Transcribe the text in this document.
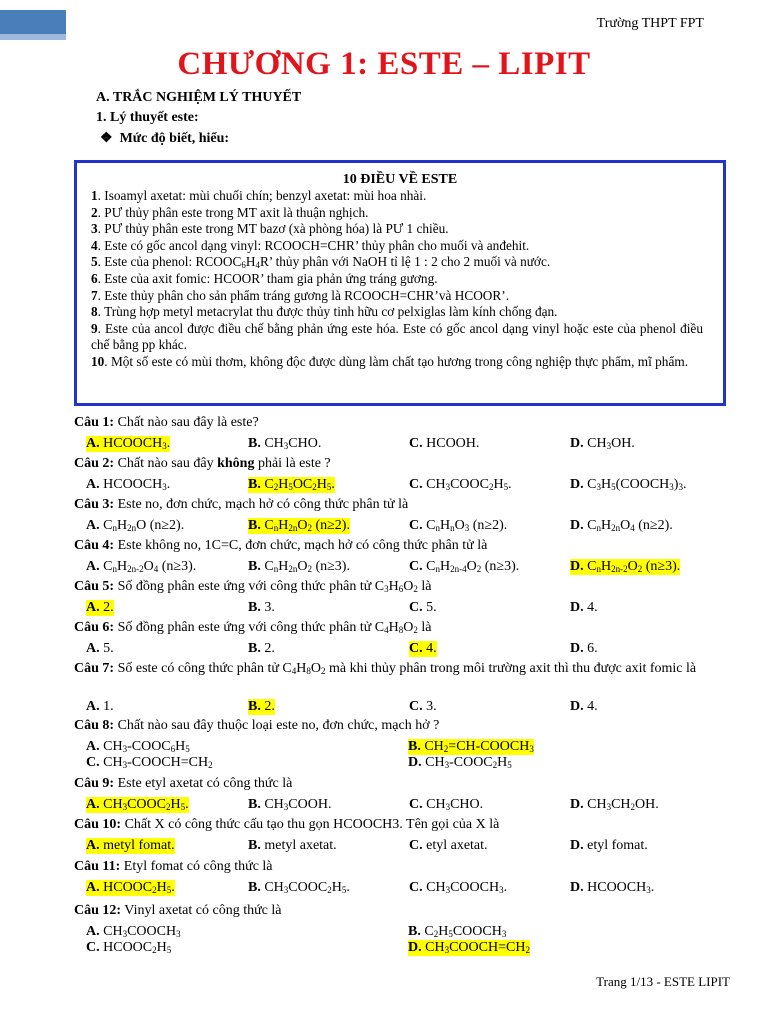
Trường THPT FPT
CHƯƠNG 1: ESTE – LIPIT
A. TRẮC NGHIỆM LÝ THUYẾT
1. Lý thuyết este:
❖ Mức độ biết, hiểu:
10 ĐIỀU VỀ ESTE
1. Isoamyl axetat: mùi chuối chín; benzyl axetat: mùi hoa nhài.
2. PƯ thủy phân este trong MT axit là thuận nghịch.
3. PƯ thủy phân este trong MT bazơ (xà phòng hóa) là PƯ 1 chiều.
4. Este có gốc ancol dạng vinyl: RCOOCH=CHR’ thủy phân cho muối và anđehit.
5. Este của phenol: $RCOOC_6H_4R$’ thủy phân với NaOH tỉ lệ 1 : 2 cho 2 muối và nước.
6. Este của axit fomic: HCOOR’ tham gia phản ứng tráng gương.
7. Este thủy phân cho sản phẩm tráng gương là RCOOCH=CHR’và HCOOR’.
8. Trùng hợp metyl metacrylat thu được thủy tinh hữu cơ pelxiglas làm kính chống đạn.
9. Este của ancol được điều chế bằng phản ứng este hóa. Este có gốc ancol dạng vinyl hoặc este của phenol điều chế bằng pp khác.
10. Một số este có mùi thơm, không độc được dùng làm chất tạo hương trong công nghiệp thực phẩm, mĩ phẩm.
Câu 1: Chất nào sau đây là este?
A. $HCOOCH_3$.	B. $CH_3CHO$.	C. HCOOH.	D. $CH_3OH$.
Câu 2: Chất nào sau đây không phải là este ?
A. $HCOOCH_3$.	B. $C_2H_5OC_2H_5$.	C. $CH_3COOC_2H_5$.	D. $C_3H_5(COOCH_3)_3$.
Câu 3: Este no, đơn chức, mạch hở có công thức phân tử là
A. $C_nH_{2n}O$ (n≥2).	B. $C_nH_{2n}O_2$ (n≥2).	C. $C_nH_nO_3$ (n≥2).	D. $C_nH_{2n}O_4$ (n≥2).
Câu 4: Este không no, 1C=C, đơn chức, mạch hở có công thức phân tử là
A. $C_nH_{2n-2}O_4$ (n≥3).	B. $C_nH_{2n}O_2$ (n≥3).	C. $C_nH_{2n-4}O_2$ (n≥3).	D. $C_nH_{2n-2}O_2$ (n≥3).
Câu 5: Số đồng phân este ứng với công thức phân tử $C_3H_6O_2$ là
A. 2.	B. 3.	C. 5.	D. 4.
Câu 6: Số đồng phân este ứng với công thức phân tử $C_4H_8O_2$ là
A. 5.	B. 2.	C. 4.	D. 6.
Câu 7: Số este có công thức phân tử $C_4H_8O_2$ mà khi thủy phân trong môi trường axit thì thu được axit fomic là
A. 1.	B. 2.	C. 3.	D. 4.
Câu 8: Chất nào sau đây thuộc loại este no, đơn chức, mạch hở ?
A. $CH_3-COOC_6H_5$	B. $CH_2=CH-COOCH_3$
C. $CH_3-COOCH=CH_2$	D. $CH_3-COOC_2H_5$
Câu 9: Este etyl axetat có công thức là
A. $CH_3COOC_2H_5$.	B. $CH_3COOH$.	C. $CH_3CHO$.	D. $CH_3CH_2OH$.
Câu 10: Chất X có công thức cấu tạo thu gọn HCOOCH3. Tên gọi của X là
A. metyl fomat.	B. metyl axetat.	C. etyl axetat.	D. etyl fomat.
Câu 11: Etyl fomat có công thức là
A. $HCOOC_2H_5$.	B. $CH_3COOC_2H_5$.	C. $CH_3COOCH_3$.	D. $HCOOCH_3$.
Câu 12: Vinyl axetat có công thức là
A. $CH_3COOCH_3$	B. $C_2H_5COOCH_3$
C. $HCOOC_2H_5$	D. $CH_3COOCH=CH_2$
Trang 1/13 - ESTE LIPIT
